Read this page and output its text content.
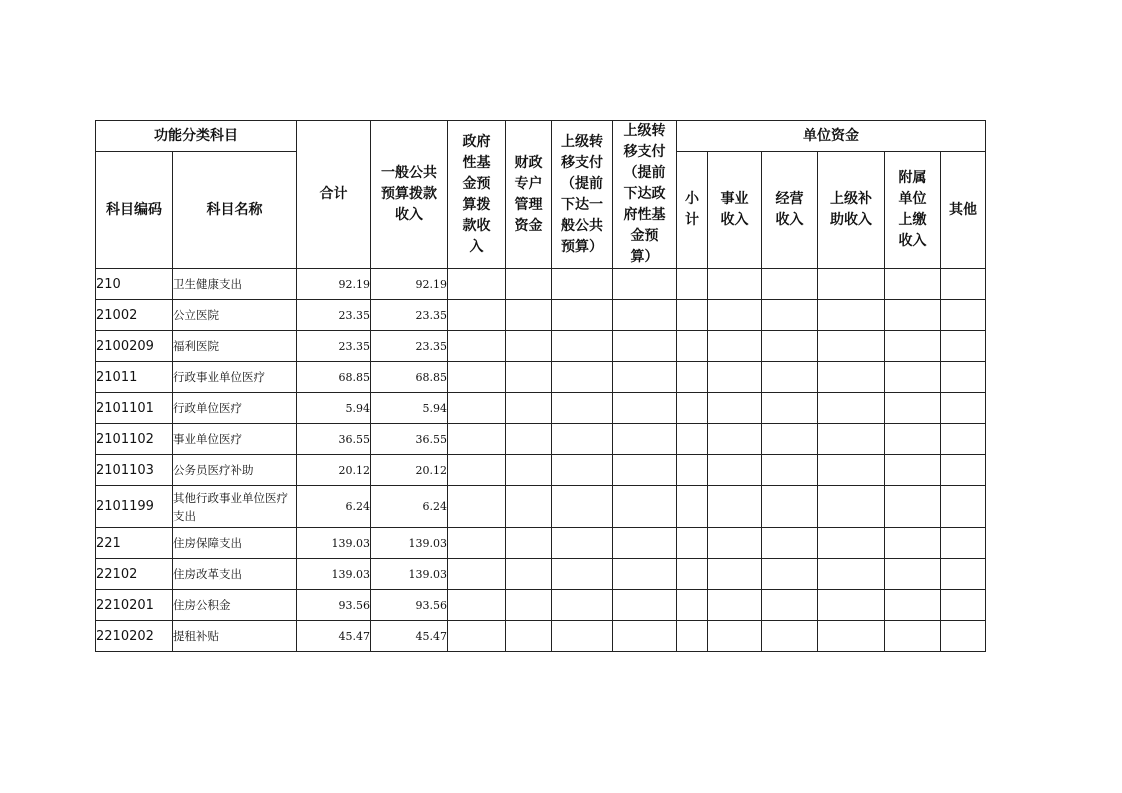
功能分类科目		合计	一般公共预算拨款收入	政府性基金预算拨款收入	财政专户管理资金	上级转移支付（提前下达一般公共预算）	上级转移支付（提前下达政府性基金预算）	单位资金					
科目编码	科目名称							小计	事业收入	经营收入	上级补助收入	附属单位上缴收入	其他
210	卫生健康支出	92.19	92.19										
21002	公立医院	23.35	23.35										
2100209	福利医院	23.35	23.35										
21011	行政事业单位医疗	68.85	68.85										
2101101	行政单位医疗	5.94	5.94										
2101102	事业单位医疗	36.55	36.55										
2101103	公务员医疗补助	20.12	20.12										
2101199	其他行政事业单位医疗支出	6.24	6.24										
221	住房保障支出	139.03	139.03										
22102	住房改革支出	139.03	139.03										
2210201	住房公积金	93.56	93.56										
2210202	提租补贴	45.47	45.47										
